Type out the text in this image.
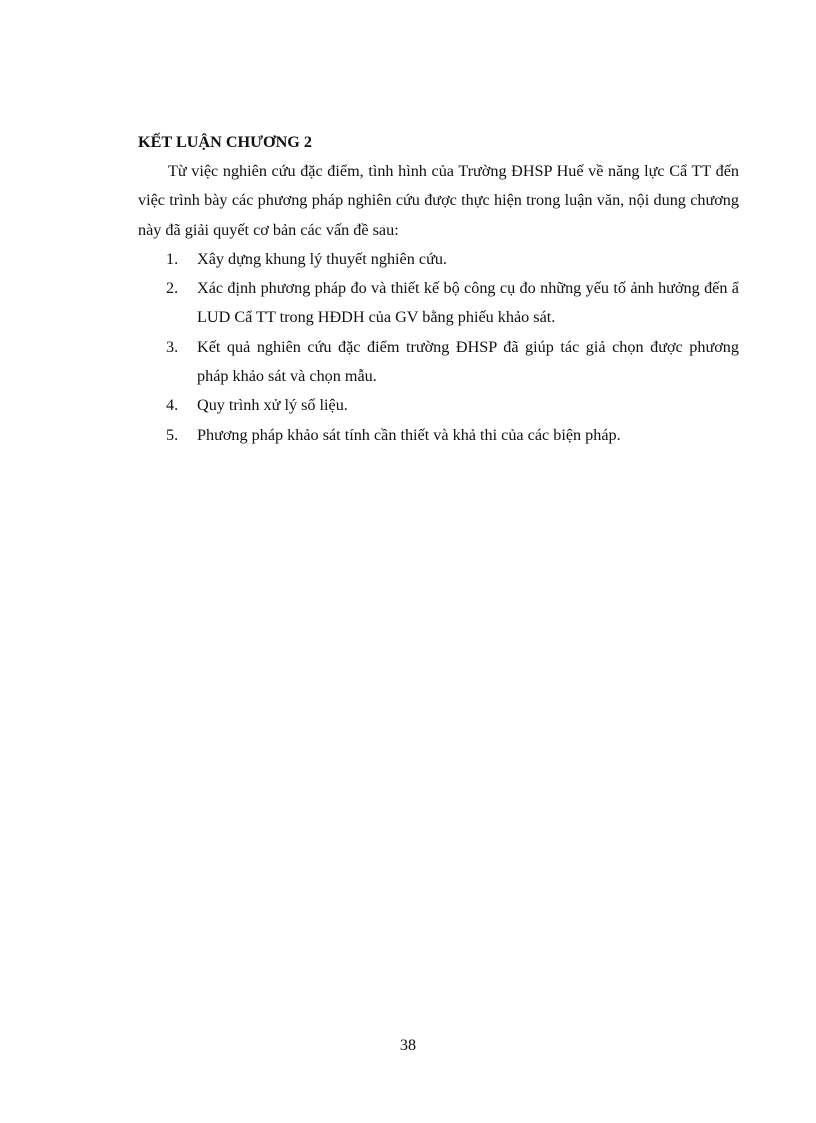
KẾT LUẬN CHƯƠNG 2

Từ việc nghiên cứu đặc điểm, tình hình của Trường ĐHSP Huế về năng lực Cẩ TT đến việc trình bày các phương pháp nghiên cứu được thực hiện trong luận văn, nội dung chương này đã giải quyết cơ bản các vấn đề sau:

1. Xây dựng khung lý thuyết nghiên cứu.
2. Xác định phương pháp đo và thiết kế bộ công cụ đo những yếu tố ảnh hưởng đến ẩ LUD Cẩ TT trong HĐDH của GV bằng phiếu khảo sát.
3. Kết quả nghiên cứu đặc điểm trường ĐHSP đã giúp tác giả chọn được phương pháp khảo sát và chọn mẫu.
4. Quy trình xử lý số liệu.
5. Phương pháp khảo sát tính cần thiết và khả thi của các biện pháp.
38
